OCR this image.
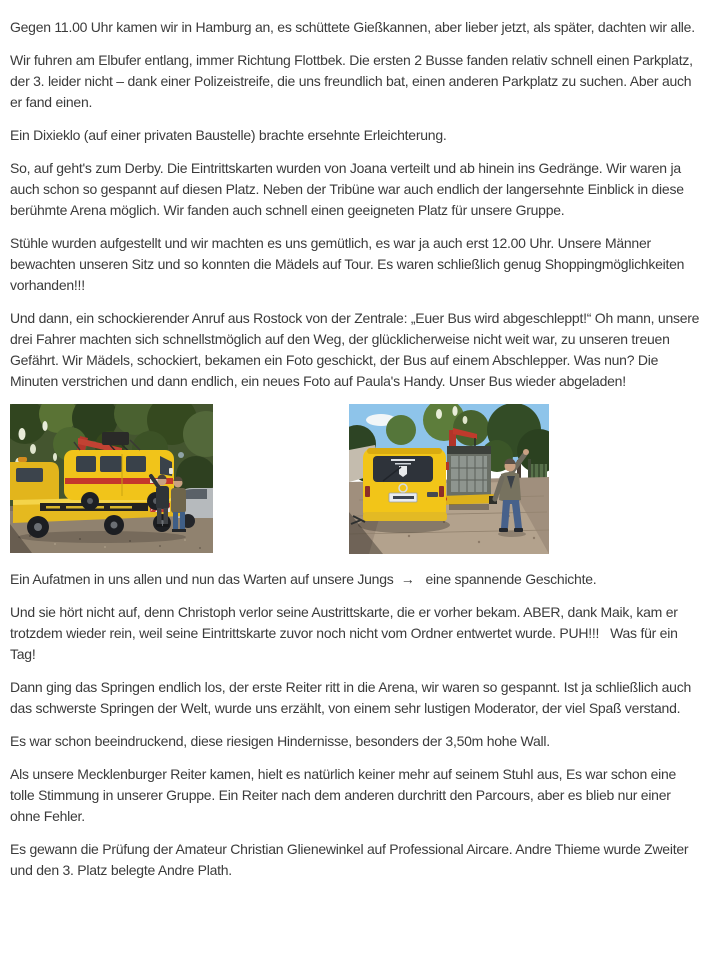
Gegen 11.00 Uhr kamen wir in Hamburg an, es schüttete Gießkannen, aber lieber jetzt, als später, dachten wir alle.

Wir fuhren am Elbufer entlang, immer Richtung Flottbek. Die ersten 2 Busse fanden relativ schnell einen Parkplatz, der 3. leider nicht – dank einer Polizeistreife, die uns freundlich bat, einen anderen Parkplatz zu suchen. Aber auch er fand einen.

Ein Dixieklo (auf einer privaten Baustelle) brachte ersehnte Erleichterung.

So, auf geht's zum Derby. Die Eintrittskarten wurden von Joana verteilt und ab hinein ins Gedränge. Wir waren ja auch schon so gespannt auf diesen Platz. Neben der Tribüne war auch endlich der langersehnte Einblick in diese berühmte Arena möglich. Wir fanden auch schnell einen geeigneten Platz für unsere Gruppe.

Stühle wurden aufgestellt und wir machten es uns gemütlich, es war ja auch erst 12.00 Uhr. Unsere Männer bewachten unseren Sitz und so konnten die Mädels auf Tour. Es waren schließlich genug Shoppingmöglichkeiten vorhanden!!!

Und dann, ein schockierender Anruf aus Rostock von der Zentrale: „Euer Bus wird abgeschleppt!“ Oh mann, unsere drei Fahrer machten sich schnellstmöglich auf den Weg, der glücklicherweise nicht weit war, zu unseren treuen Gefährt. Wir Mädels, schockiert, bekamen ein Foto geschickt, der Bus auf einem Abschlepper. Was nun? Die Minuten verstrichen und dann endlich, ein neues Foto auf Paula's Handy. Unser Bus wieder abgeladen!

Ein Aufatmen in uns allen und nun das Warten auf unsere Jungs  →   eine spannende Geschichte.

Und sie hört nicht auf, denn Christoph verlor seine Austrittskarte, die er vorher bekam. ABER, dank Maik, kam er trotzdem wieder rein, weil seine Eintrittskarte zuvor noch nicht vom Ordner entwertet wurde. PUH!!!   Was für ein Tag!

Dann ging das Springen endlich los, der erste Reiter ritt in die Arena, wir waren so gespannt. Ist ja schließlich auch das schwerste Springen der Welt, wurde uns erzählt, von einem sehr lustigen Moderator, der viel Spaß verstand.

Es war schon beeindruckend, diese riesigen Hindernisse, besonders der 3,50m hohe Wall.

Als unsere Mecklenburger Reiter kamen, hielt es natürlich keiner mehr auf seinem Stuhl aus, Es war schon eine tolle Stimmung in unserer Gruppe. Ein Reiter nach dem anderen durchritt den Parcours, aber es blieb nur einer ohne Fehler.

Es gewann die Prüfung der Amateur Christian Glienewinkel auf Professional Aircare. Andre Thieme wurde Zweiter und den 3. Platz belegte Andre Plath.
